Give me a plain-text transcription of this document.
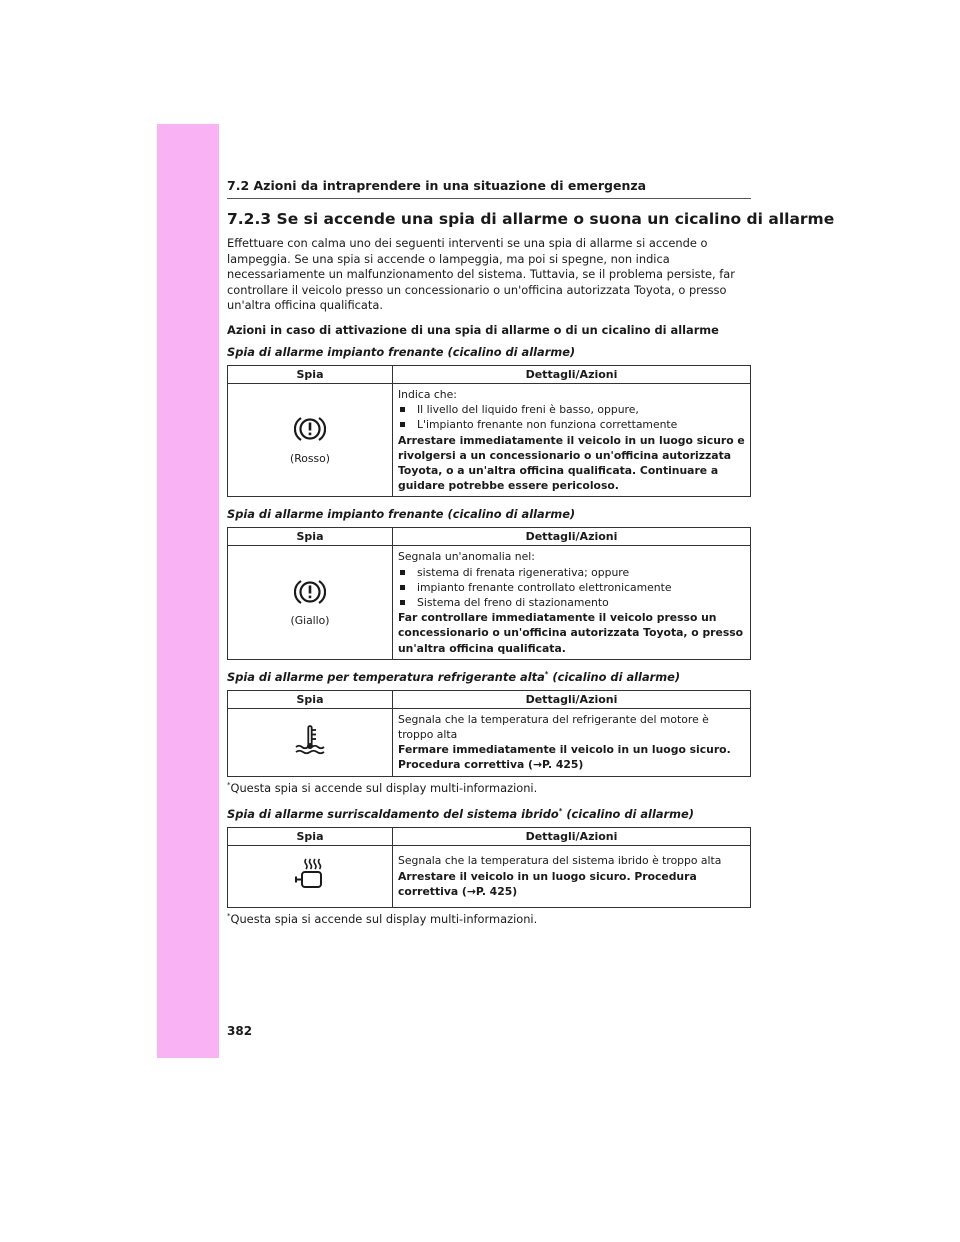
7.2 Azioni da intraprendere in una situazione di emergenza
7.2.3 Se si accende una spia di allarme o suona un cicalino di allarme

Effettuare con calma uno dei seguenti interventi se una spia di allarme si accende o lampeggia. Se una spia si accende o lampeggia, ma poi si spegne, non indica necessariamente un malfunzionamento del sistema. Tuttavia, se il problema persiste, far controllare il veicolo presso un concessionario o un'officina autorizzata Toyota, o presso un'altra officina qualificata.

Azioni in caso di attivazione di una spia di allarme o di un cicalino di allarme

Spia di allarme impianto frenante (cicalino di allarme)

Spia	Dettagli/Azioni

(Rosso)	Indica che:
Il livello del liquido freni è basso, oppure,
L'impianto frenante non funziona correttamente
Arrestare immediatamente il veicolo in un luogo sicuro e rivolgersi a un concessionario o un'officina autorizzata Toyota, o a un'altra officina qualificata. Continuare a guidare potrebbe essere pericoloso.

Spia di allarme impianto frenante (cicalino di allarme)

Spia	Dettagli/Azioni

(Giallo)	Segnala un'anomalia nel:
sistema di frenata rigenerativa; oppure
impianto frenante controllato elettronicamente
Sistema del freno di stazionamento
Far controllare immediatamente il veicolo presso un concessionario o un'officina autorizzata Toyota, o presso un'altra officina qualificata.

Spia di allarme per temperatura refrigerante alta* (cicalino di allarme)

Spia	Dettagli/Azioni

Segnala che la temperatura del refrigerante del motore è troppo alta
Fermare immediatamente il veicolo in un luogo sicuro. Procedura correttiva (→P. 425)

*Questa spia si accende sul display multi-informazioni.

Spia di allarme surriscaldamento del sistema ibrido* (cicalino di allarme)

Spia	Dettagli/Azioni

Segnala che la temperatura del sistema ibrido è troppo alta
Arrestare il veicolo in un luogo sicuro. Procedura correttiva (→P. 425)

*Questa spia si accende sul display multi-informazioni.

382
